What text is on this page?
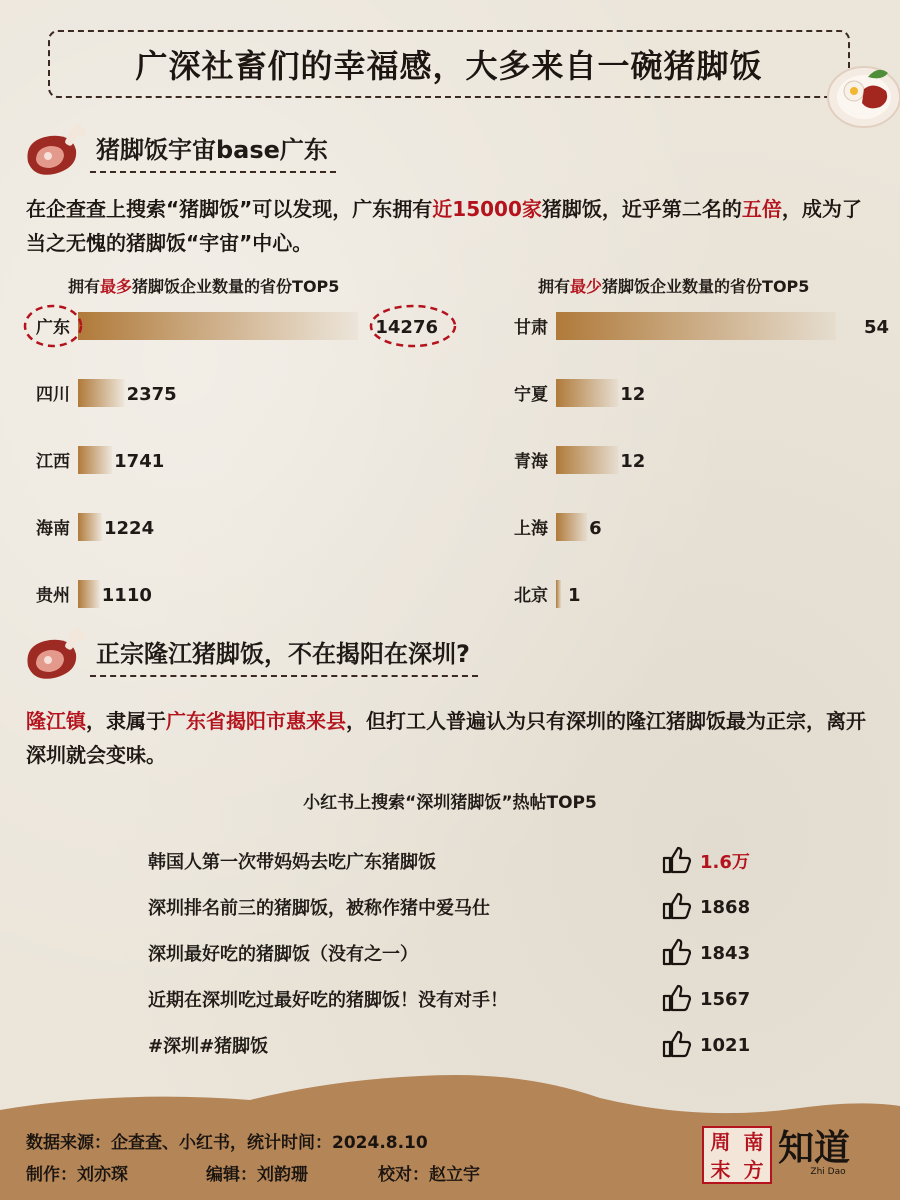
广深社畜们的幸福感，大多来自一碗猪脚饭
猪脚饭宇宙base广东
在企查查上搜索“猪脚饭”可以发现，广东拥有近15000家猪脚饭，近乎第二名的五倍，成为了当之无愧的猪脚饭“宇宙”中心。
拥有最多猪脚饭企业数量的省份TOP5	拥有最少猪脚饭企业数量的省份TOP5
广东	14276
四川	2375
江西 1741
海南 1224
贵州 1110
甘肃	54
宁夏	12
青海	12
上海 6
北京 1
正宗隆江猪脚饭，不在揭阳在深圳?
隆江镇，隶属于广东省揭阳市惠来县，但打工人普遍认为只有深圳的隆江猪脚饭最为正宗，离开深圳就会变味。
小红书上搜索“深圳猪脚饭”热帖TOP5
韩国人第一次带妈妈去吃广东猪脚饭	1.6万
深圳排名前三的猪脚饭，被称作猪中爱马仕	1868
深圳最好吃的猪脚饭（没有之一）	1843
近期在深圳吃过最好吃的猪脚饭！没有对手！	1567
#深圳#猪脚饭	1021
数据来源：企查查、小红书，统计时间：2024.8.10
制作：刘亦琛	编辑：刘韵珊	校对：赵立宇
周 南
末 方
知道
Zhi Dao
